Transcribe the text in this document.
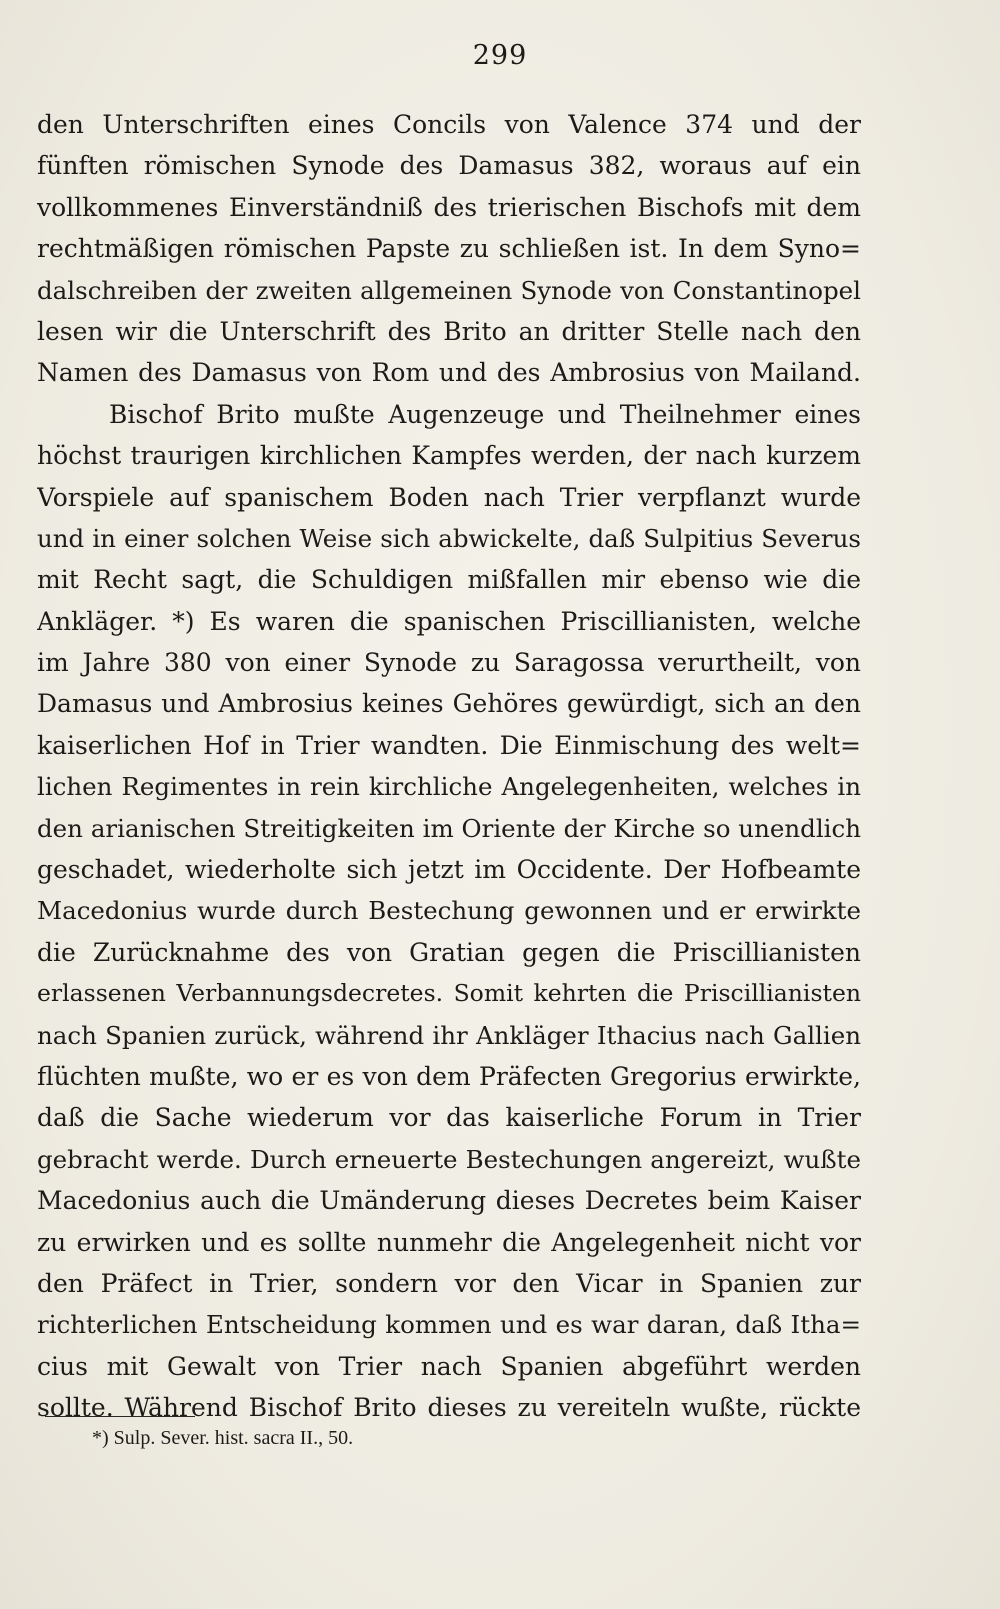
299
den Unterschriften eines Concils von Valence 374 und der
fünften römischen Synode des Damasus 382, woraus auf ein
vollkommenes Einverständniß des trierischen Bischofs mit dem
rechtmäßigen römischen Papste zu schließen ist. In dem Syno=
dalschreiben der zweiten allgemeinen Synode von Constantinopel
lesen wir die Unterschrift des Brito an dritter Stelle nach den
Namen des Damasus von Rom und des Ambrosius von Mailand.
Bischof Brito mußte Augenzeuge und Theilnehmer eines
höchst traurigen kirchlichen Kampfes werden, der nach kurzem
Vorspiele auf spanischem Boden nach Trier verpflanzt wurde
und in einer solchen Weise sich abwickelte, daß Sulpitius Severus
mit Recht sagt, die Schuldigen mißfallen mir ebenso wie die
Ankläger. *) Es waren die spanischen Priscillianisten, welche
im Jahre 380 von einer Synode zu Saragossa verurtheilt, von
Damasus und Ambrosius keines Gehöres gewürdigt, sich an den
kaiserlichen Hof in Trier wandten. Die Einmischung des welt=
lichen Regimentes in rein kirchliche Angelegenheiten, welches in
den arianischen Streitigkeiten im Oriente der Kirche so unendlich
geschadet, wiederholte sich jetzt im Occidente. Der Hofbeamte
Macedonius wurde durch Bestechung gewonnen und er erwirkte
die Zurücknahme des von Gratian gegen die Priscillianisten
erlassenen Verbannungsdecretes. Somit kehrten die Priscillianisten
nach Spanien zurück, während ihr Ankläger Ithacius nach Gallien
flüchten mußte, wo er es von dem Präfecten Gregorius erwirkte,
daß die Sache wiederum vor das kaiserliche Forum in Trier
gebracht werde. Durch erneuerte Bestechungen angereizt, wußte
Macedonius auch die Umänderung dieses Decretes beim Kaiser
zu erwirken und es sollte nunmehr die Angelegenheit nicht vor
den Präfect in Trier, sondern vor den Vicar in Spanien zur
richterlichen Entscheidung kommen und es war daran, daß Itha=
cius mit Gewalt von Trier nach Spanien abgeführt werden
sollte. Während Bischof Brito dieses zu vereiteln wußte, rückte
*) Sulp. Sever. hist. sacra II., 50.
